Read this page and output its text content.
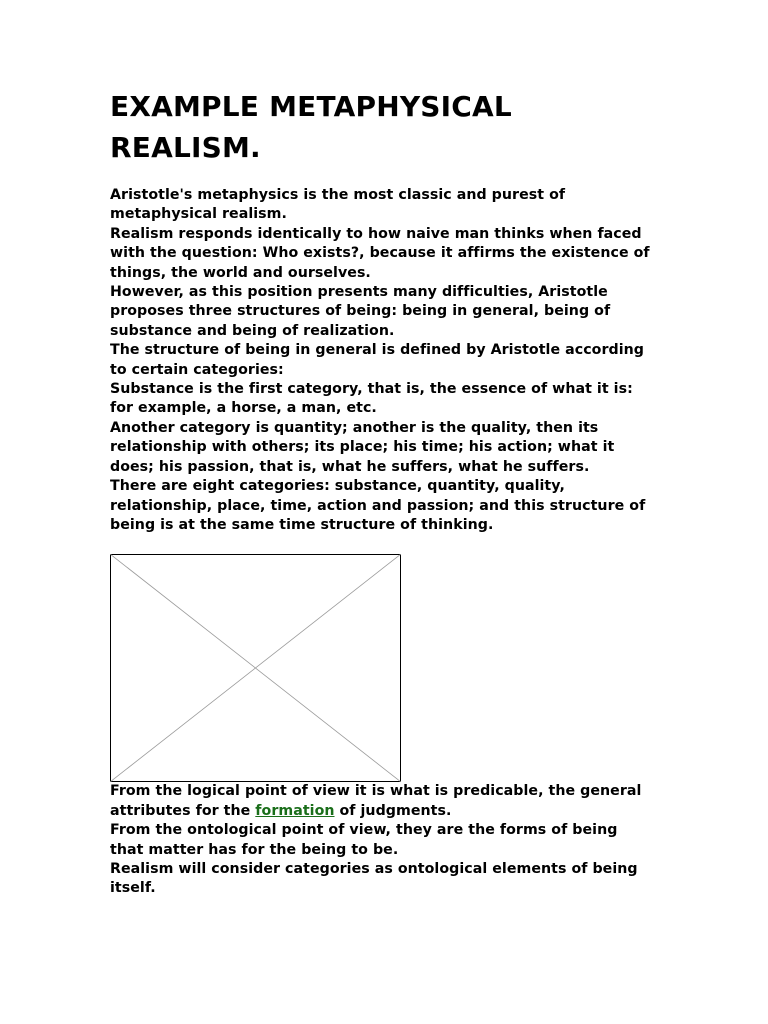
EXAMPLE METAPHYSICAL REALISM.

Aristotle's metaphysics is the most classic and purest of metaphysical realism.

Realism responds identically to how naive man thinks when faced with the question: Who exists?, because it affirms the existence of things, the world and ourselves.

However, as this position presents many difficulties, Aristotle proposes three structures of being: being in general, being of substance and being of realization.

The structure of being in general is defined by Aristotle according to certain categories:

Substance is the first category, that is, the essence of what it is: for example, a horse, a man, etc.

Another category is quantity; another is the quality, then its relationship with others; its place; his time; his action; what it does; his passion, that is, what he suffers, what he suffers.

There are eight categories: substance, quantity, quality, relationship, place, time, action and passion; and this structure of being is at the same time structure of thinking.

From the logical point of view it is what is predicable, the general attributes for the formation of judgments.

From the ontological point of view, they are the forms of being that matter has for the being to be.

Realism will consider categories as ontological elements of being itself.
